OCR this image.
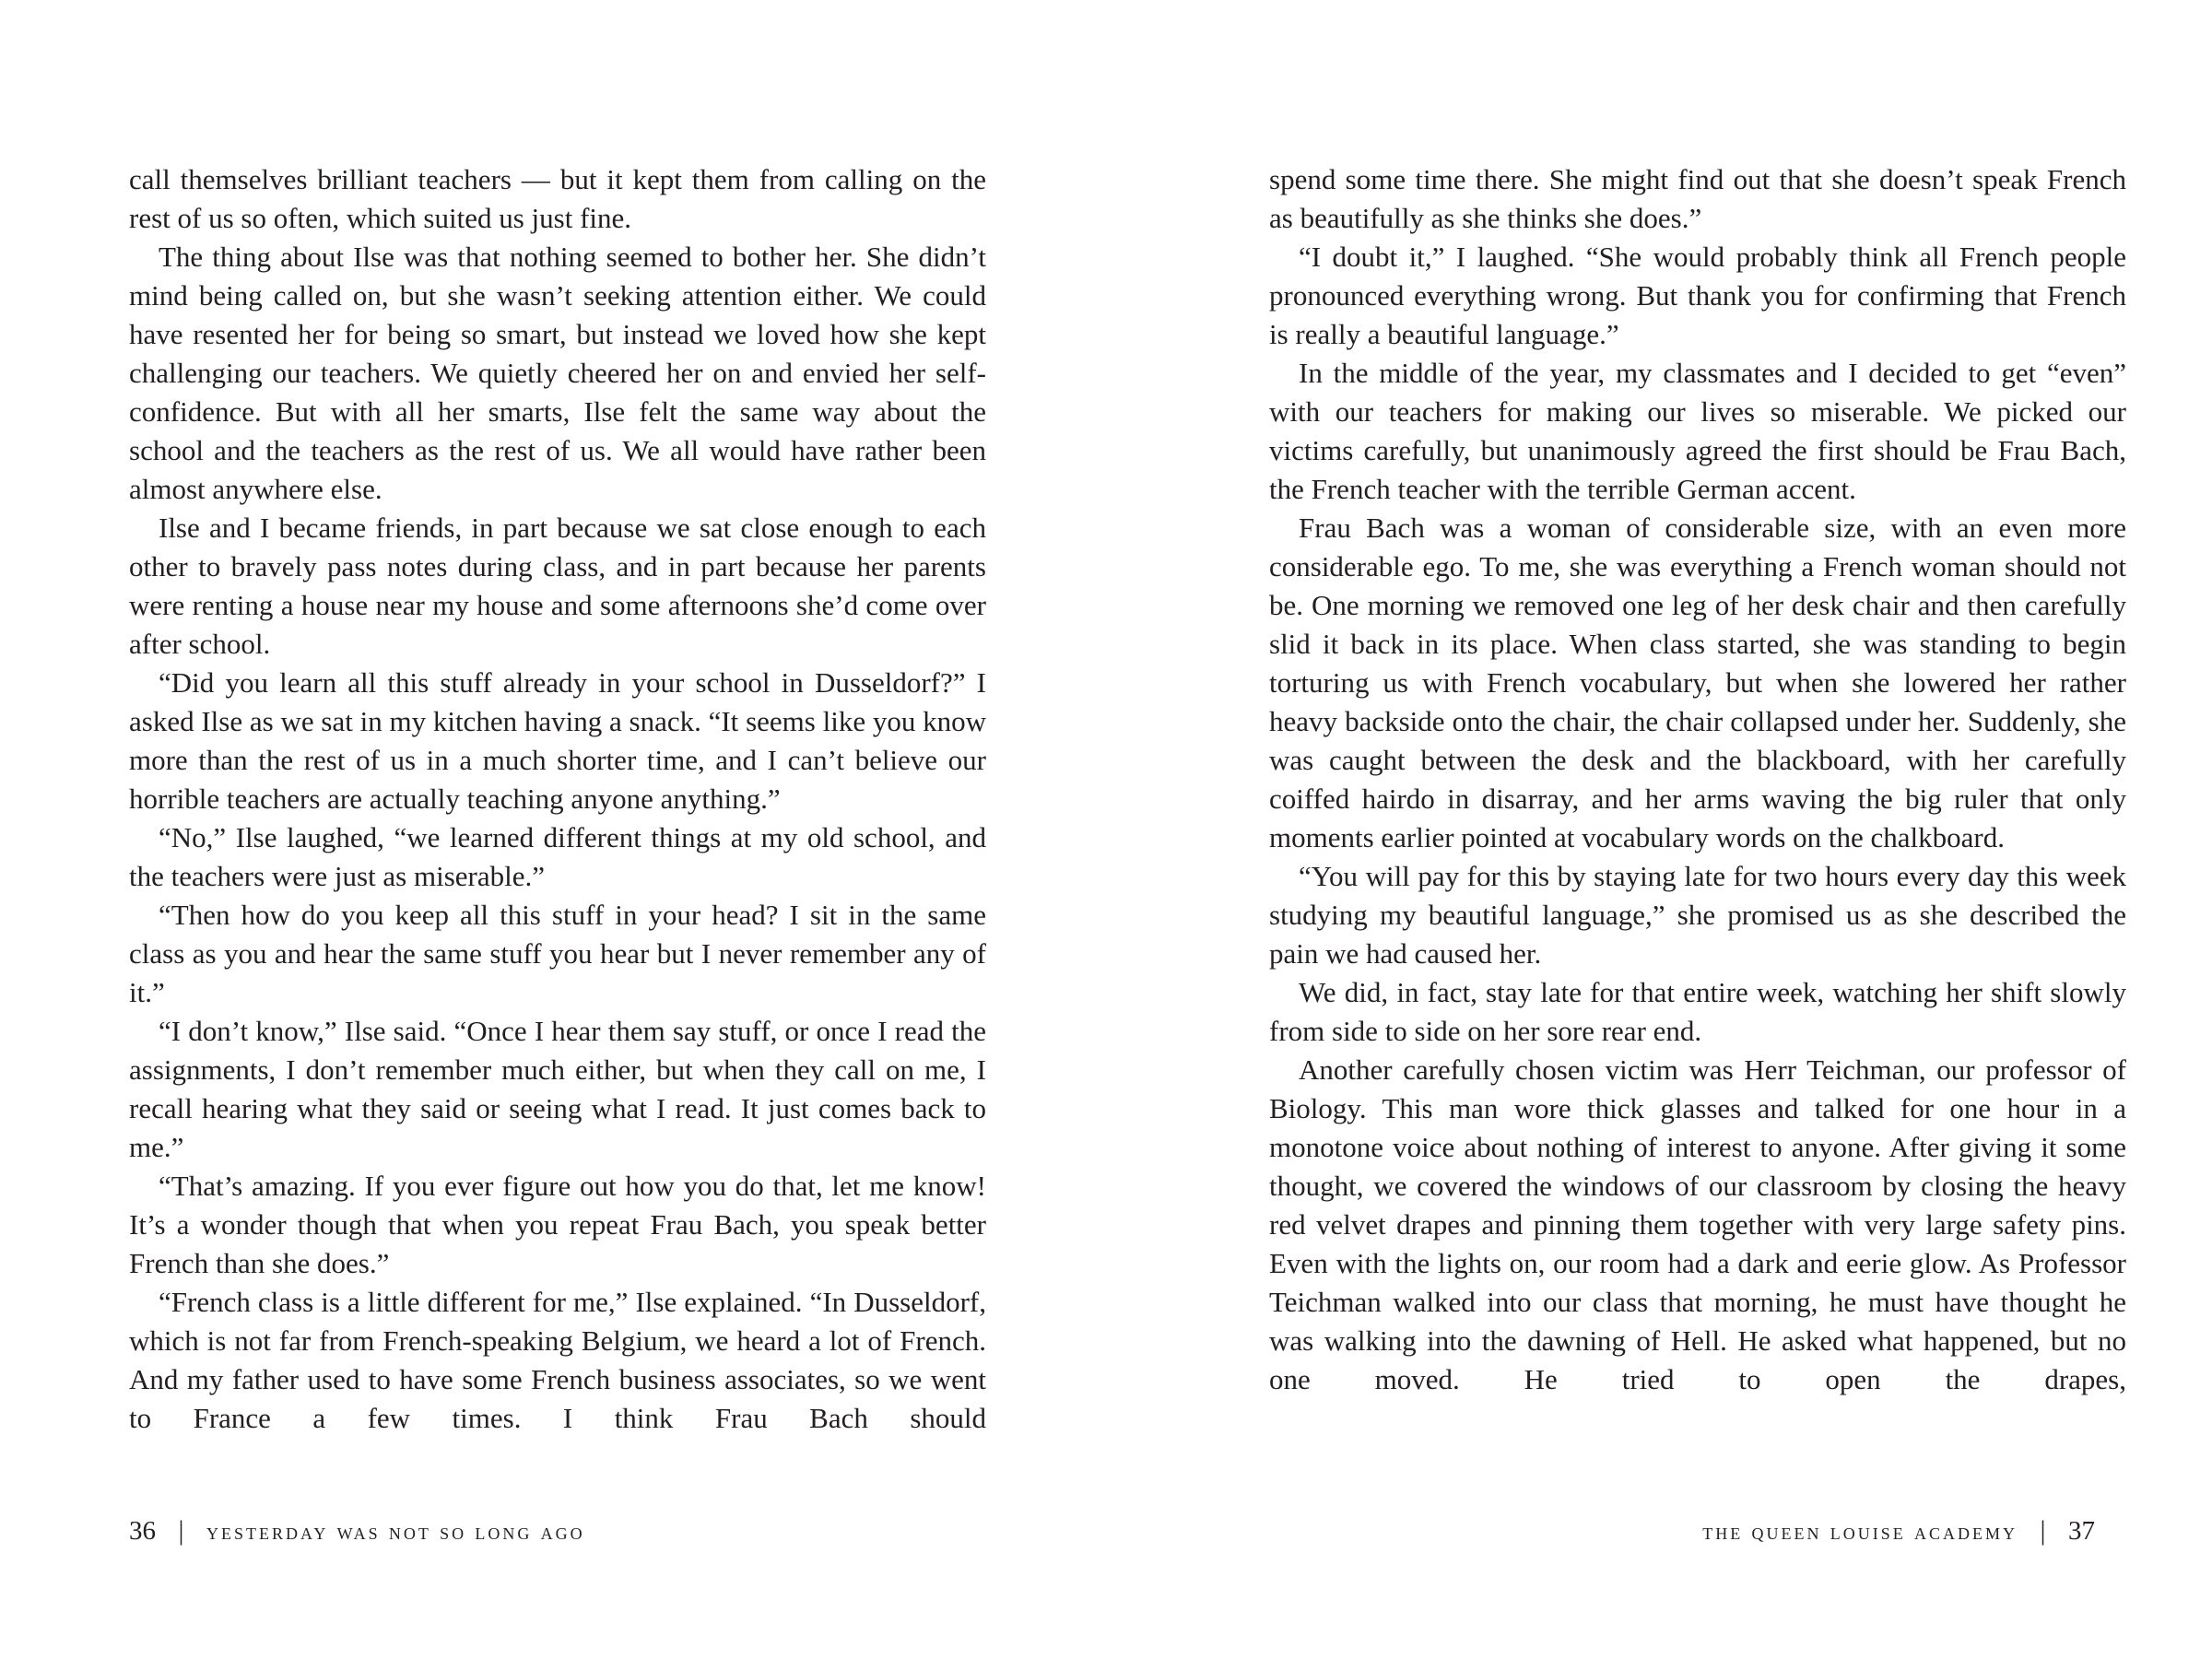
call themselves brilliant teachers — but it kept them from calling on the rest of us so often, which suited us just fine.

The thing about Ilse was that nothing seemed to bother her. She didn’t mind being called on, but she wasn’t seeking attention either. We could have resented her for being so smart, but instead we loved how she kept challenging our teachers. We quietly cheered her on and envied her self-confidence. But with all her smarts, Ilse felt the same way about the school and the teachers as the rest of us. We all would have rather been almost anywhere else.

Ilse and I became friends, in part because we sat close enough to each other to bravely pass notes during class, and in part because her parents were renting a house near my house and some afternoons she’d come over after school.

“Did you learn all this stuff already in your school in Dusseldorf?” I asked Ilse as we sat in my kitchen having a snack. “It seems like you know more than the rest of us in a much shorter time, and I can’t believe our horrible teachers are actually teaching anyone anything.”

“No,” Ilse laughed, “we learned different things at my old school, and the teachers were just as miserable.”

“Then how do you keep all this stuff in your head? I sit in the same class as you and hear the same stuff you hear but I never remember any of it.”

“I don’t know,” Ilse said. “Once I hear them say stuff, or once I read the assignments, I don’t remember much either, but when they call on me, I recall hearing what they said or seeing what I read. It just comes back to me.”

“That’s amazing. If you ever figure out how you do that, let me know! It’s a wonder though that when you repeat Frau Bach, you speak better French than she does.”

“French class is a little different for me,” Ilse explained. “In Dusseldorf, which is not far from French-speaking Belgium, we heard a lot of French. And my father used to have some French business associates, so we went to France a few times. I think Frau Bach should

36 | yesterday was not so long ago

spend some time there. She might find out that she doesn’t speak French as beautifully as she thinks she does.”

“I doubt it,” I laughed. “She would probably think all French people pronounced everything wrong. But thank you for confirming that French is really a beautiful language.”

In the middle of the year, my classmates and I decided to get “even” with our teachers for making our lives so miserable. We picked our victims carefully, but unanimously agreed the first should be Frau Bach, the French teacher with the terrible German accent.

Frau Bach was a woman of considerable size, with an even more considerable ego. To me, she was everything a French woman should not be. One morning we removed one leg of her desk chair and then carefully slid it back in its place. When class started, she was standing to begin torturing us with French vocabulary, but when she lowered her rather heavy backside onto the chair, the chair collapsed under her. Suddenly, she was caught between the desk and the blackboard, with her carefully coiffed hairdo in disarray, and her arms waving the big ruler that only moments earlier pointed at vocabulary words on the chalkboard.

“You will pay for this by staying late for two hours every day this week studying my beautiful language,” she promised us as she described the pain we had caused her.

We did, in fact, stay late for that entire week, watching her shift slowly from side to side on her sore rear end.

Another carefully chosen victim was Herr Teichman, our professor of Biology. This man wore thick glasses and talked for one hour in a monotone voice about nothing of interest to anyone. After giving it some thought, we covered the windows of our classroom by closing the heavy red velvet drapes and pinning them together with very large safety pins. Even with the lights on, our room had a dark and eerie glow. As Professor Teichman walked into our class that morning, he must have thought he was walking into the dawning of Hell. He asked what happened, but no one moved. He tried to open the drapes,

the queen louise academy | 37
